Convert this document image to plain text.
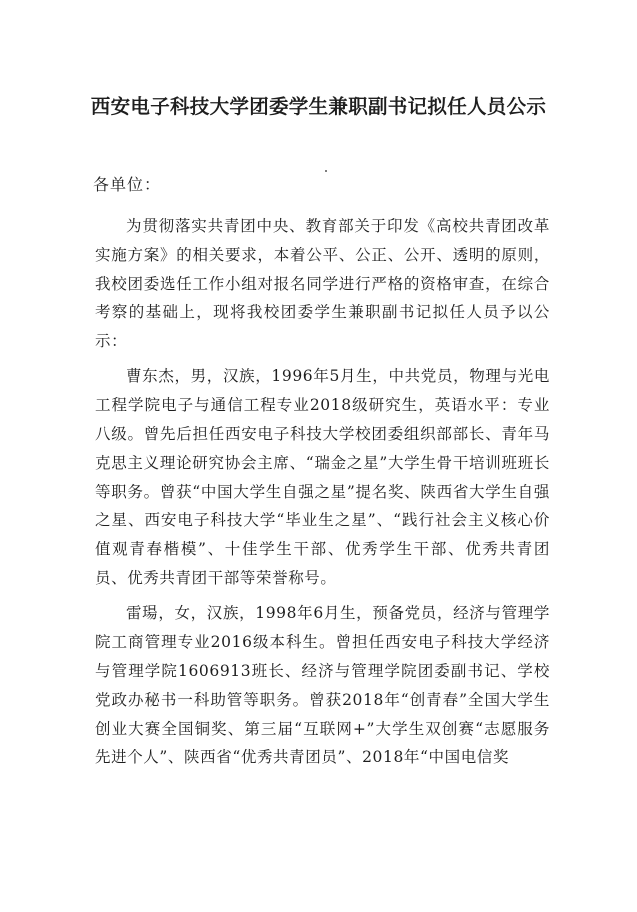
西安电子科技大学团委学生兼职副书记拟任人员公示
各单位：

为贯彻落实共青团中央、教育部关于印发《高校共青团改革实施方案》的相关要求，本着公平、公正、公开、透明的原则，我校团委选任工作小组对报名同学进行严格的资格审查，在综合考察的基础上，现将我校团委学生兼职副书记拟任人员予以公示：

曹东杰，男，汉族，1996年5月生，中共党员，物理与光电工程学院电子与通信工程专业2018级研究生，英语水平：专业八级。曾先后担任西安电子科技大学校团委组织部部长、青年马克思主义理论研究协会主席、“瑞金之星”大学生骨干培训班班长等职务。曾获“中国大学生自强之星”提名奖、陕西省大学生自强之星、西安电子科技大学“毕业生之星”、“践行社会主义核心价值观青春楷模”、十佳学生干部、优秀学生干部、优秀共青团员、优秀共青团干部等荣誉称号。

雷瑒，女，汉族，1998年6月生，预备党员，经济与管理学院工商管理专业2016级本科生。曾担任西安电子科技大学经济与管理学院1606913班长、经济与管理学院团委副书记、学校党政办秘书一科助管等职务。曾获2018年“创青春”全国大学生创业大赛全国铜奖、第三届“互联网+”大学生双创赛“志愿服务先进个人”、陕西省“优秀共青团员”、2018年“中国电信奖
